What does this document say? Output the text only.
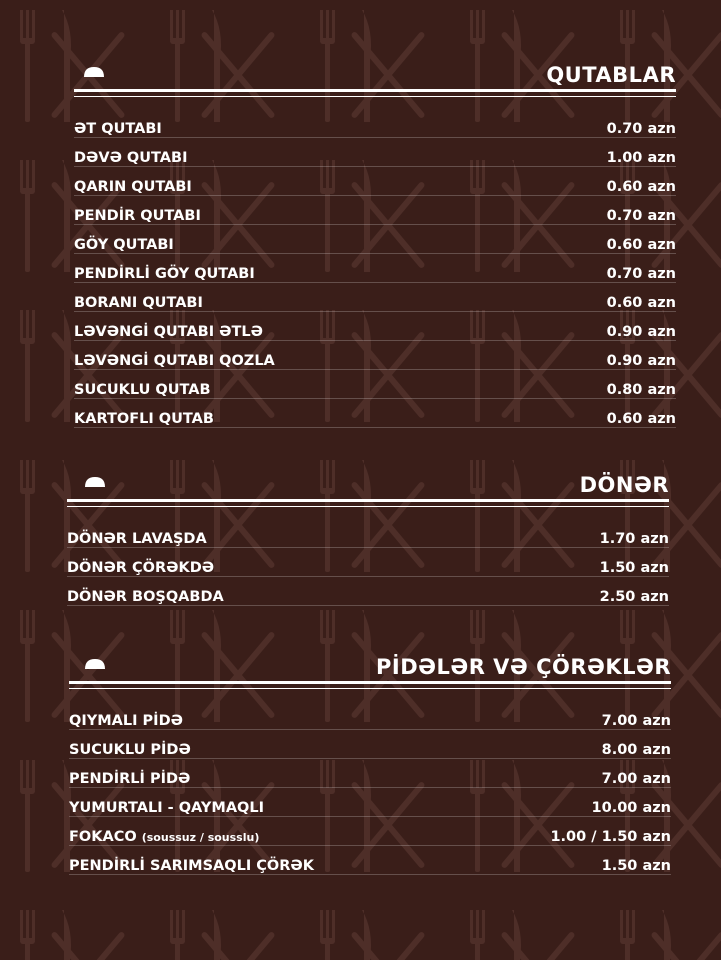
QUTABLAR
ƏT QUTABI	0.70 azn
DƏVƏ QUTABI	1.00 azn
QARIN QUTABI	0.60 azn
PENDİR QUTABI	0.70 azn
GÖY QUTABI	0.60 azn
PENDİRLİ GÖY QUTABI	0.70 azn
BORANI QUTABI	0.60 azn
LƏVƏNGİ QUTABI ƏTLƏ	0.90 azn
LƏVƏNGİ QUTABI QOZLA	0.90 azn
SUCUKLU QUTAB	0.80 azn
KARTOFLI QUTAB	0.60 azn
DÖNƏR
DÖNƏR LAVAŞDA	1.70 azn
DÖNƏR ÇÖRƏKDƏ	1.50 azn
DÖNƏR BOŞQABDA	2.50 azn
PİDƏLƏR VƏ ÇÖRƏKLƏR
QIYMALI PİDƏ	7.00 azn
SUCUKLU PİDƏ	8.00 azn
PENDİRLİ PİDƏ	7.00 azn
YUMURTALI - QAYMAQLI	10.00 azn
FOKACO (soussuz / sousslu)	1.00 / 1.50 azn
PENDİRLİ SARIMSAQLI ÇÖRƏK	1.50 azn
